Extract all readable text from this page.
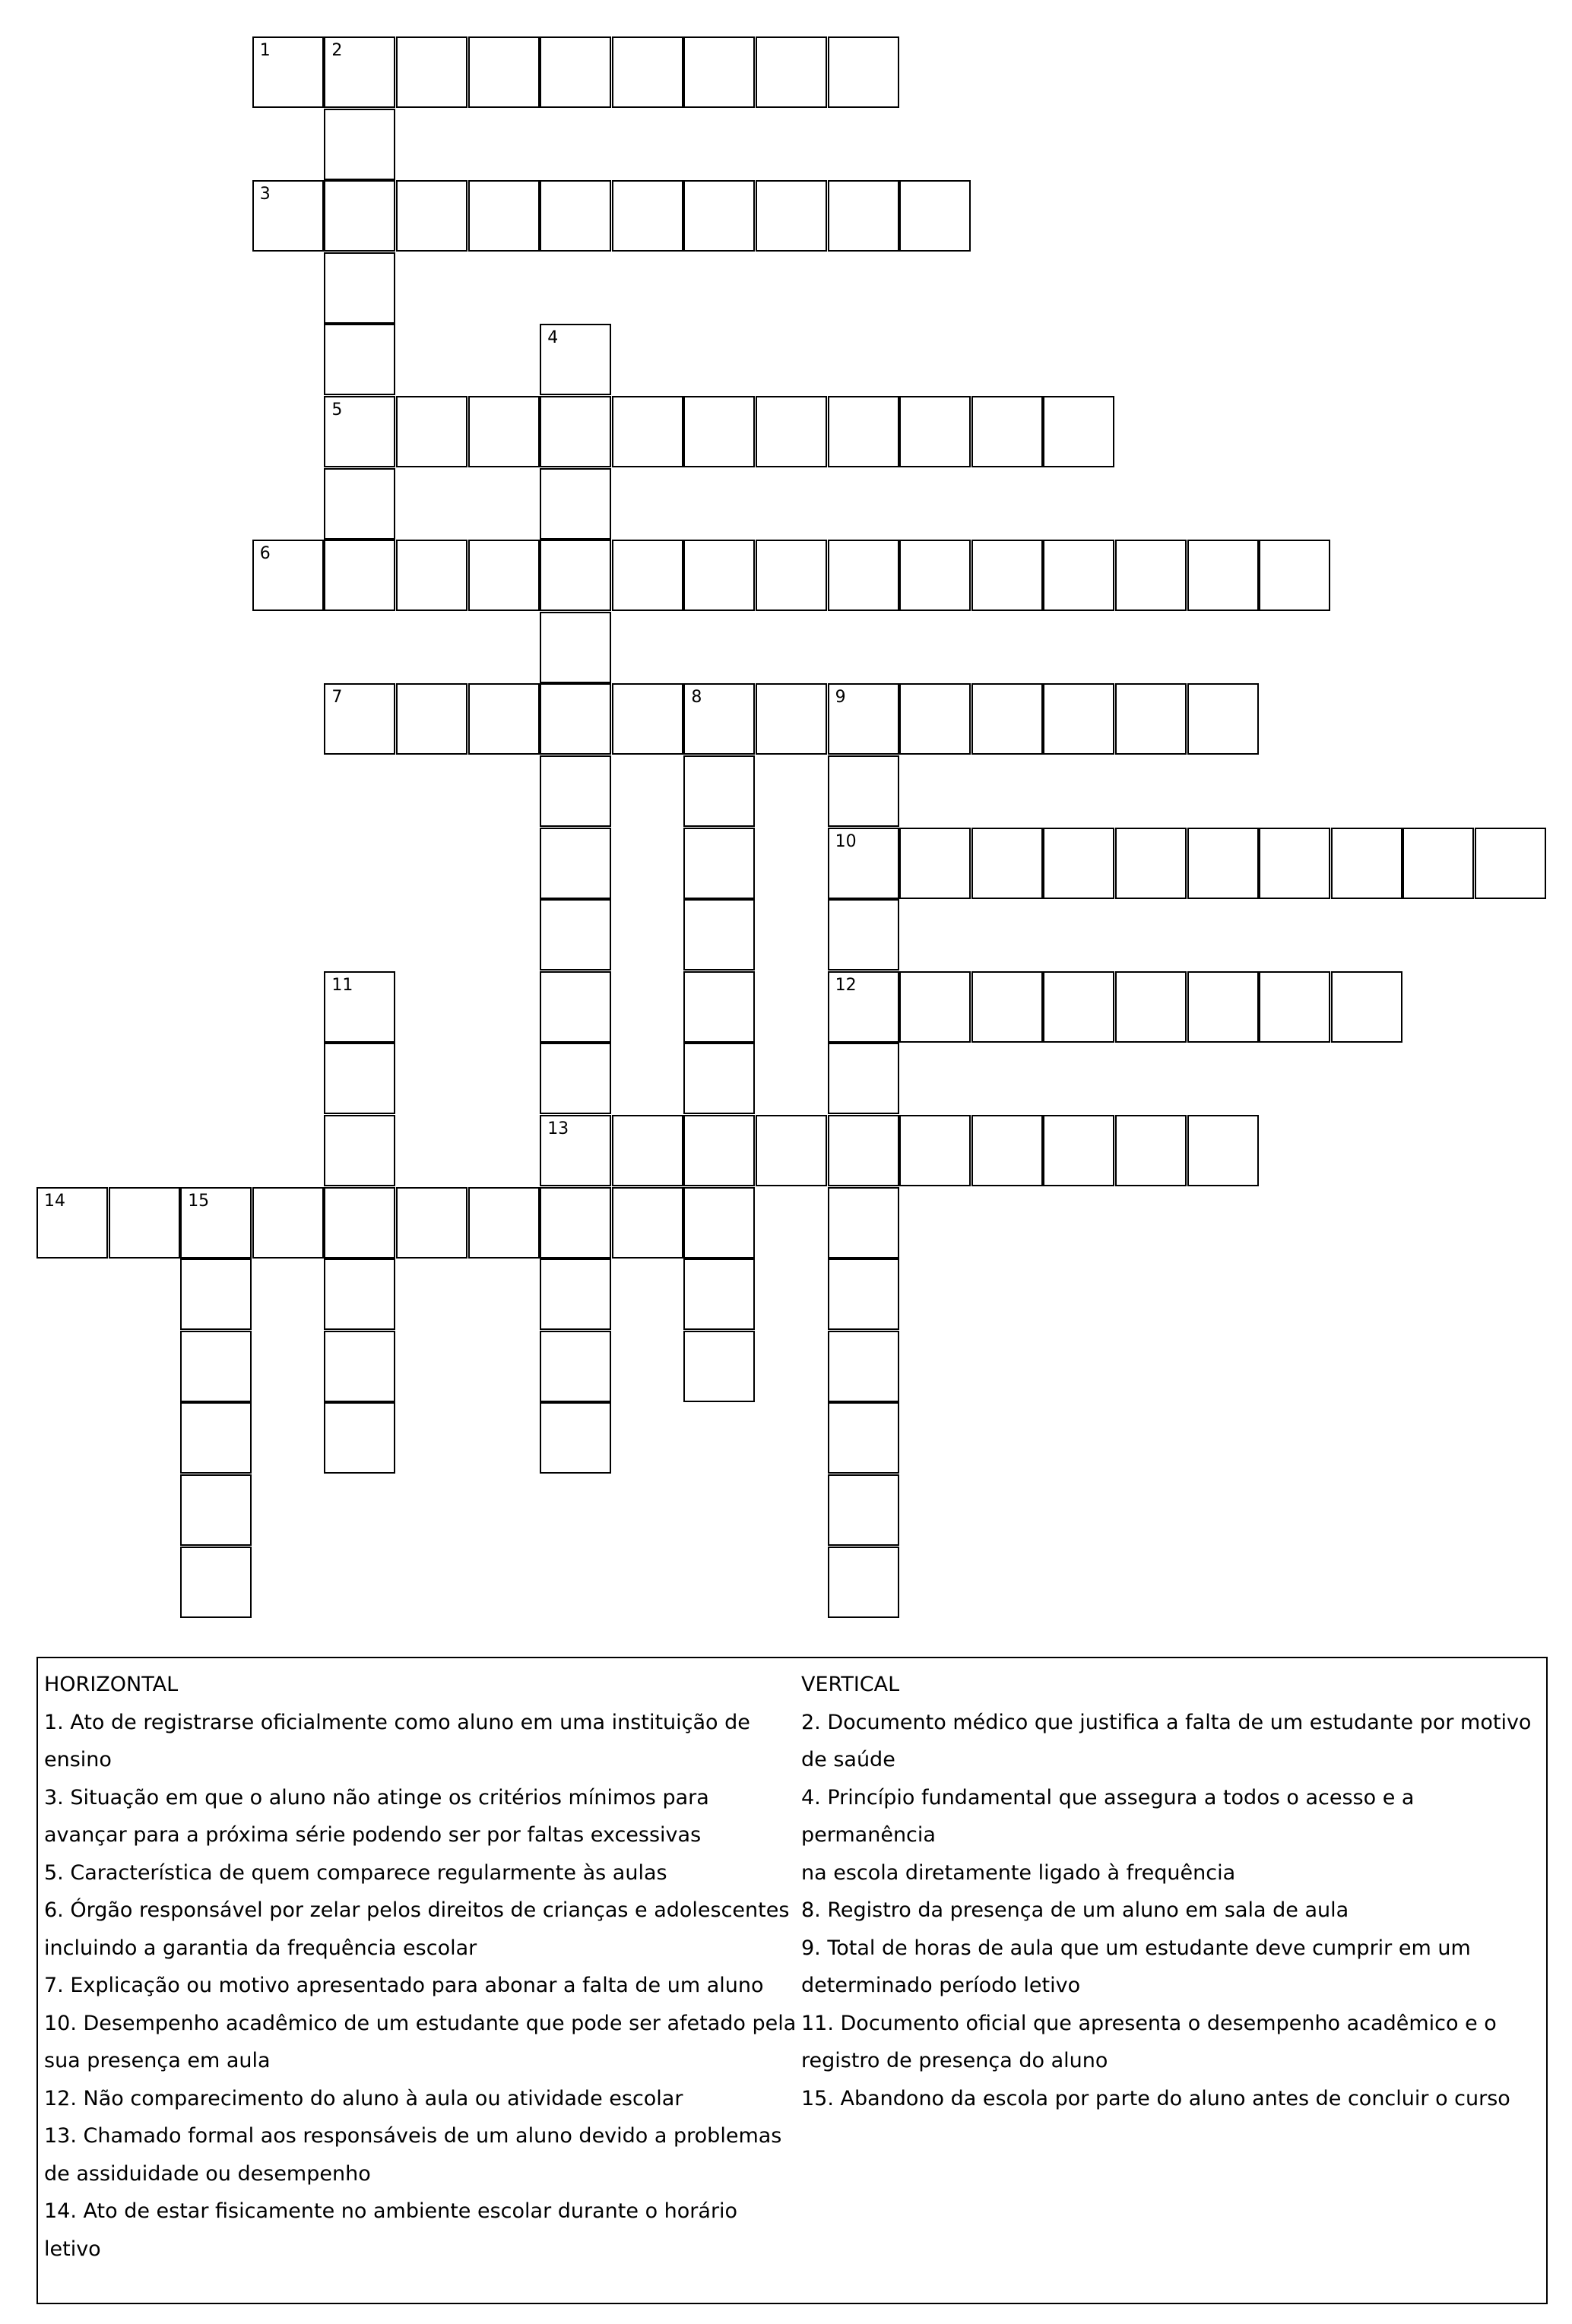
1	2
5
3
4
13
6
7	8	9
10
12
11
14	15

HORIZONTAL

1. Ato de registrarse oficialmente como aluno em uma instituição de

ensino

3. Situação em que o aluno não atinge os critérios mínimos para

avançar para a próxima série podendo ser por faltas excessivas

5. Característica de quem comparece regularmente às aulas

6. Órgão responsável por zelar pelos direitos de crianças e adolescentes

incluindo a garantia da frequência escolar

7. Explicação ou motivo apresentado para abonar a falta de um aluno

10. Desempenho acadêmico de um estudante que pode ser afetado pela

sua presença em aula

12. Não comparecimento do aluno à aula ou atividade escolar

13. Chamado formal aos responsáveis de um aluno devido a problemas

de assiduidade ou desempenho

14. Ato de estar fisicamente no ambiente escolar durante o horário

letivo

VERTICAL

2. Documento médico que justifica a falta de um estudante por motivo

de saúde

4. Princípio fundamental que assegura a todos o acesso e a permanência

na escola diretamente ligado à frequência

8. Registro da presença de um aluno em sala de aula

9. Total de horas de aula que um estudante deve cumprir em um

determinado período letivo

11. Documento oficial que apresenta o desempenho acadêmico e o

registro de presença do aluno

15. Abandono da escola por parte do aluno antes de concluir o curso
